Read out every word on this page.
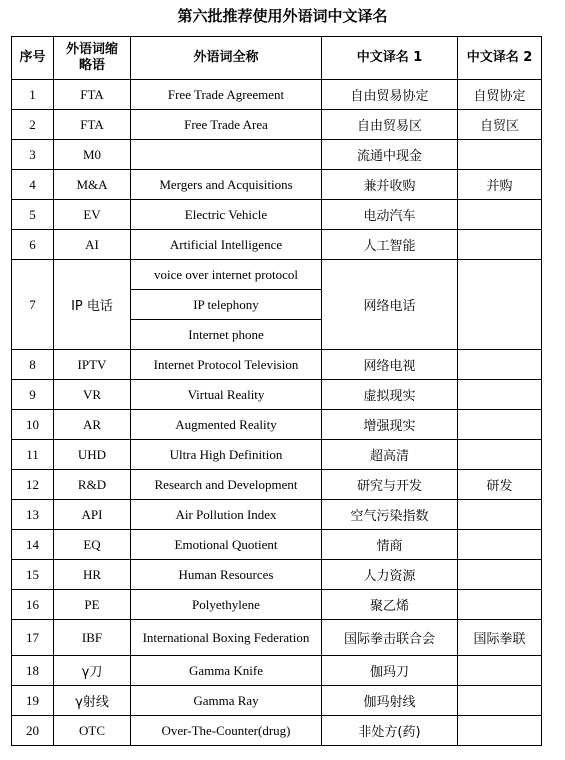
第六批推荐使用外语词中文译名
序号	外语词缩略语	外语词全称	中文译名 1	中文译名 2
1	FTA	Free Trade Agreement	自由贸易协定	自贸协定
2	FTA	Free Trade Area	自由贸易区	自贸区
3	M0		流通中现金	
4	M&A	Mergers and Acquisitions	兼并收购	并购
5	EV	Electric Vehicle	电动汽车	
6	AI	Artificial Intelligence	人工智能	
7	IP 电话	voice over internet protocol	网络电话	
		IP telephony		
		Internet phone		
8	IPTV	Internet Protocol Television	网络电视	
9	VR	Virtual Reality	虚拟现实	
10	AR	Augmented Reality	增强现实	
11	UHD	Ultra High Definition	超高清	
12	R&D	Research and Development	研究与开发	研发
13	API	Air Pollution Index	空气污染指数	
14	EQ	Emotional Quotient	情商	
15	HR	Human Resources	人力资源	
16	PE	Polyethylene	聚乙烯	
17	IBF	International Boxing Federation	国际拳击联合会	国际拳联
18	γ刀	Gamma Knife	伽玛刀	
19	γ射线	Gamma Ray	伽玛射线	
20	OTC	Over-The-Counter(drug)	非处方(药)	
